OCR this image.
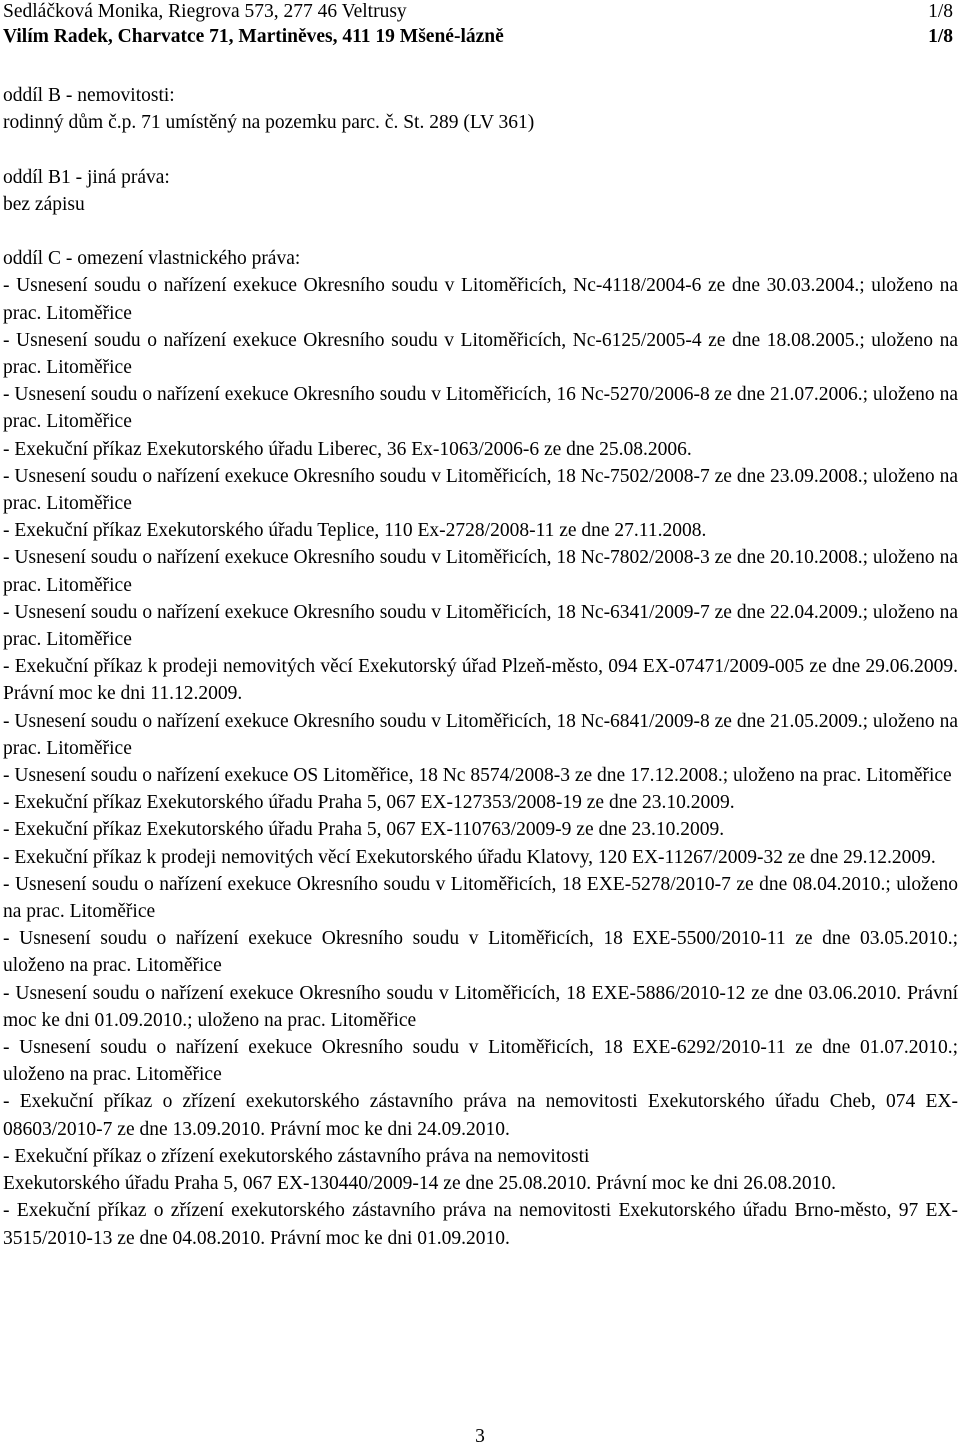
Sedláčková Monika, Riegrova 573, 277 46 Veltrusy	1/8
Vilím Radek, Charvatce 71, Martiněves, 411 19 Mšené-lázně	1/8

oddíl B - nemovitosti:

rodinný dům č.p. 71 umístěný na pozemku parc. č. St. 289 (LV 361)

oddíl B1 - jiná práva:

bez zápisu

oddíl C - omezení vlastnického práva:

- Usnesení soudu o nařízení exekuce Okresního soudu v Litoměřicích, Nc-4118/2004-6 ze dne 30.03.2004.; uloženo na prac. Litoměřice

- Usnesení soudu o nařízení exekuce Okresního soudu v Litoměřicích, Nc-6125/2005-4 ze dne 18.08.2005.; uloženo na prac. Litoměřice

- Usnesení soudu o nařízení exekuce Okresního soudu v Litoměřicích, 16 Nc-5270/2006-8 ze dne 21.07.2006.; uloženo na prac. Litoměřice

- Exekuční příkaz Exekutorského úřadu Liberec, 36 Ex-1063/2006-6 ze dne 25.08.2006.

- Usnesení soudu o nařízení exekuce Okresního soudu v Litoměřicích, 18 Nc-7502/2008-7 ze dne 23.09.2008.; uloženo na prac. Litoměřice

- Exekuční příkaz Exekutorského úřadu Teplice, 110 Ex-2728/2008-11 ze dne 27.11.2008.

- Usnesení soudu o nařízení exekuce Okresního soudu v Litoměřicích, 18 Nc-7802/2008-3 ze dne 20.10.2008.; uloženo na prac. Litoměřice

- Usnesení soudu o nařízení exekuce Okresního soudu v Litoměřicích, 18 Nc-6341/2009-7 ze dne 22.04.2009.; uloženo na prac. Litoměřice

- Exekuční příkaz k prodeji nemovitých věcí Exekutorský úřad Plzeň-město, 094 EX-07471/2009-005 ze dne 29.06.2009. Právní moc ke dni 11.12.2009.

- Usnesení soudu o nařízení exekuce Okresního soudu v Litoměřicích, 18 Nc-6841/2009-8 ze dne 21.05.2009.; uloženo na prac. Litoměřice

- Usnesení soudu o nařízení exekuce OS Litoměřice, 18 Nc 8574/2008-3 ze dne 17.12.2008.; uloženo na prac. Litoměřice

- Exekuční příkaz Exekutorského úřadu Praha 5, 067 EX-127353/2008-19 ze dne 23.10.2009.

- Exekuční příkaz Exekutorského úřadu Praha 5, 067 EX-110763/2009-9 ze dne 23.10.2009.

- Exekuční příkaz k prodeji nemovitých věcí Exekutorského úřadu Klatovy, 120 EX-11267/2009-32 ze dne 29.12.2009.

- Usnesení soudu o nařízení exekuce Okresního soudu v Litoměřicích, 18 EXE-5278/2010-7 ze dne 08.04.2010.; uloženo na prac. Litoměřice

- Usnesení soudu o nařízení exekuce Okresního soudu v Litoměřicích, 18 EXE-5500/2010-11 ze dne 03.05.2010.; uloženo na prac. Litoměřice

- Usnesení soudu o nařízení exekuce Okresního soudu v Litoměřicích, 18 EXE-5886/2010-12 ze dne 03.06.2010. Právní moc ke dni 01.09.2010.; uloženo na prac. Litoměřice

- Usnesení soudu o nařízení exekuce Okresního soudu v Litoměřicích, 18 EXE-6292/2010-11 ze dne 01.07.2010.; uloženo na prac. Litoměřice

- Exekuční příkaz o zřízení exekutorského zástavního práva na nemovitosti Exekutorského úřadu Cheb, 074 EX-08603/2010-7 ze dne 13.09.2010. Právní moc ke dni 24.09.2010.

- Exekuční příkaz o zřízení exekutorského zástavního práva na nemovitosti

Exekutorského úřadu Praha 5, 067 EX-130440/2009-14 ze dne 25.08.2010. Právní moc ke dni 26.08.2010.

- Exekuční příkaz o zřízení exekutorského zástavního práva na nemovitosti Exekutorského úřadu Brno-město, 97 EX-3515/2010-13 ze dne 04.08.2010. Právní moc ke dni 01.09.2010.

3
